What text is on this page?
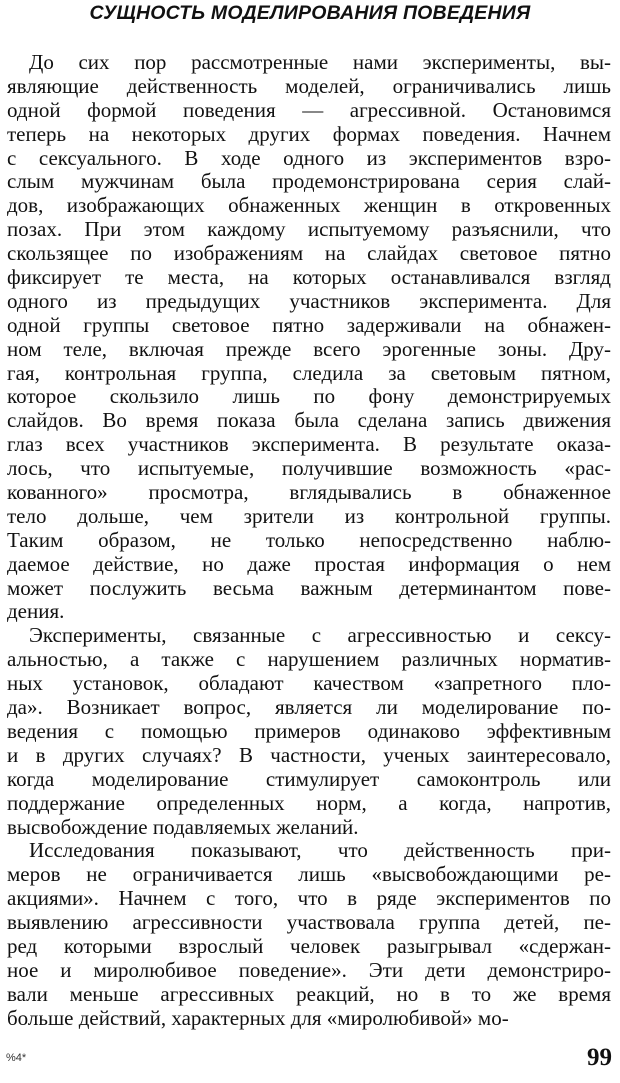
СУЩНОСТЬ МОДЕЛИРОВАНИЯ ПОВЕДЕНИЯ
До сих пор рассмотренные нами эксперименты, вы-
являющие действенность моделей, ограничивались лишь
одной формой поведения — агрессивной. Остановимся
теперь на некоторых других формах поведения. Начнем
с сексуального. В ходе одного из экспериментов взро-
слым мужчинам была продемонстрирована серия слай-
дов, изображающих обнаженных женщин в откровенных
позах. При этом каждому испытуемому разъяснили, что
скользящее по изображениям на слайдах световое пятно
фиксирует те места, на которых останавливался взгляд
одного из предыдущих участников эксперимента. Для
одной группы световое пятно задерживали на обнажен-
ном теле, включая прежде всего эрогенные зоны. Дру-
гая, контрольная группа, следила за световым пятном,
которое скользило лишь по фону демонстрируемых
слайдов. Во время показа была сделана запись движения
глаз всех участников эксперимента. В результате оказа-
лось, что испытуемые, получившие возможность «рас-
кованного» просмотра, вглядывались в обнаженное
тело дольше, чем зрители из контрольной группы.
Таким образом, не только непосредственно наблю-
даемое действие, но даже простая информация о нем
может послужить весьма важным детерминантом пове-
дения.
Эксперименты, связанные с агрессивностью и сексу-
альностью, а также с нарушением различных норматив-
ных установок, обладают качеством «запретного пло-
да». Возникает вопрос, является ли моделирование по-
ведения с помощью примеров одинаково эффективным
и в других случаях? В частности, ученых заинтересовало,
когда моделирование стимулирует самоконтроль или
поддержание определенных норм, а когда, напротив,
высвобождение подавляемых желаний.
Исследования показывают, что действенность при-
меров не ограничивается лишь «высвобождающими ре-
акциями». Начнем с того, что в ряде экспериментов по
выявлению агрессивности участвовала группа детей, пе-
ред которыми взрослый человек разыгрывал «сдержан-
ное и миролюбивое поведение». Эти дети демонстриро-
вали меньше агрессивных реакций, но в то же время
больше действий, характерных для «миролюбивой» мо-
%4*	99
